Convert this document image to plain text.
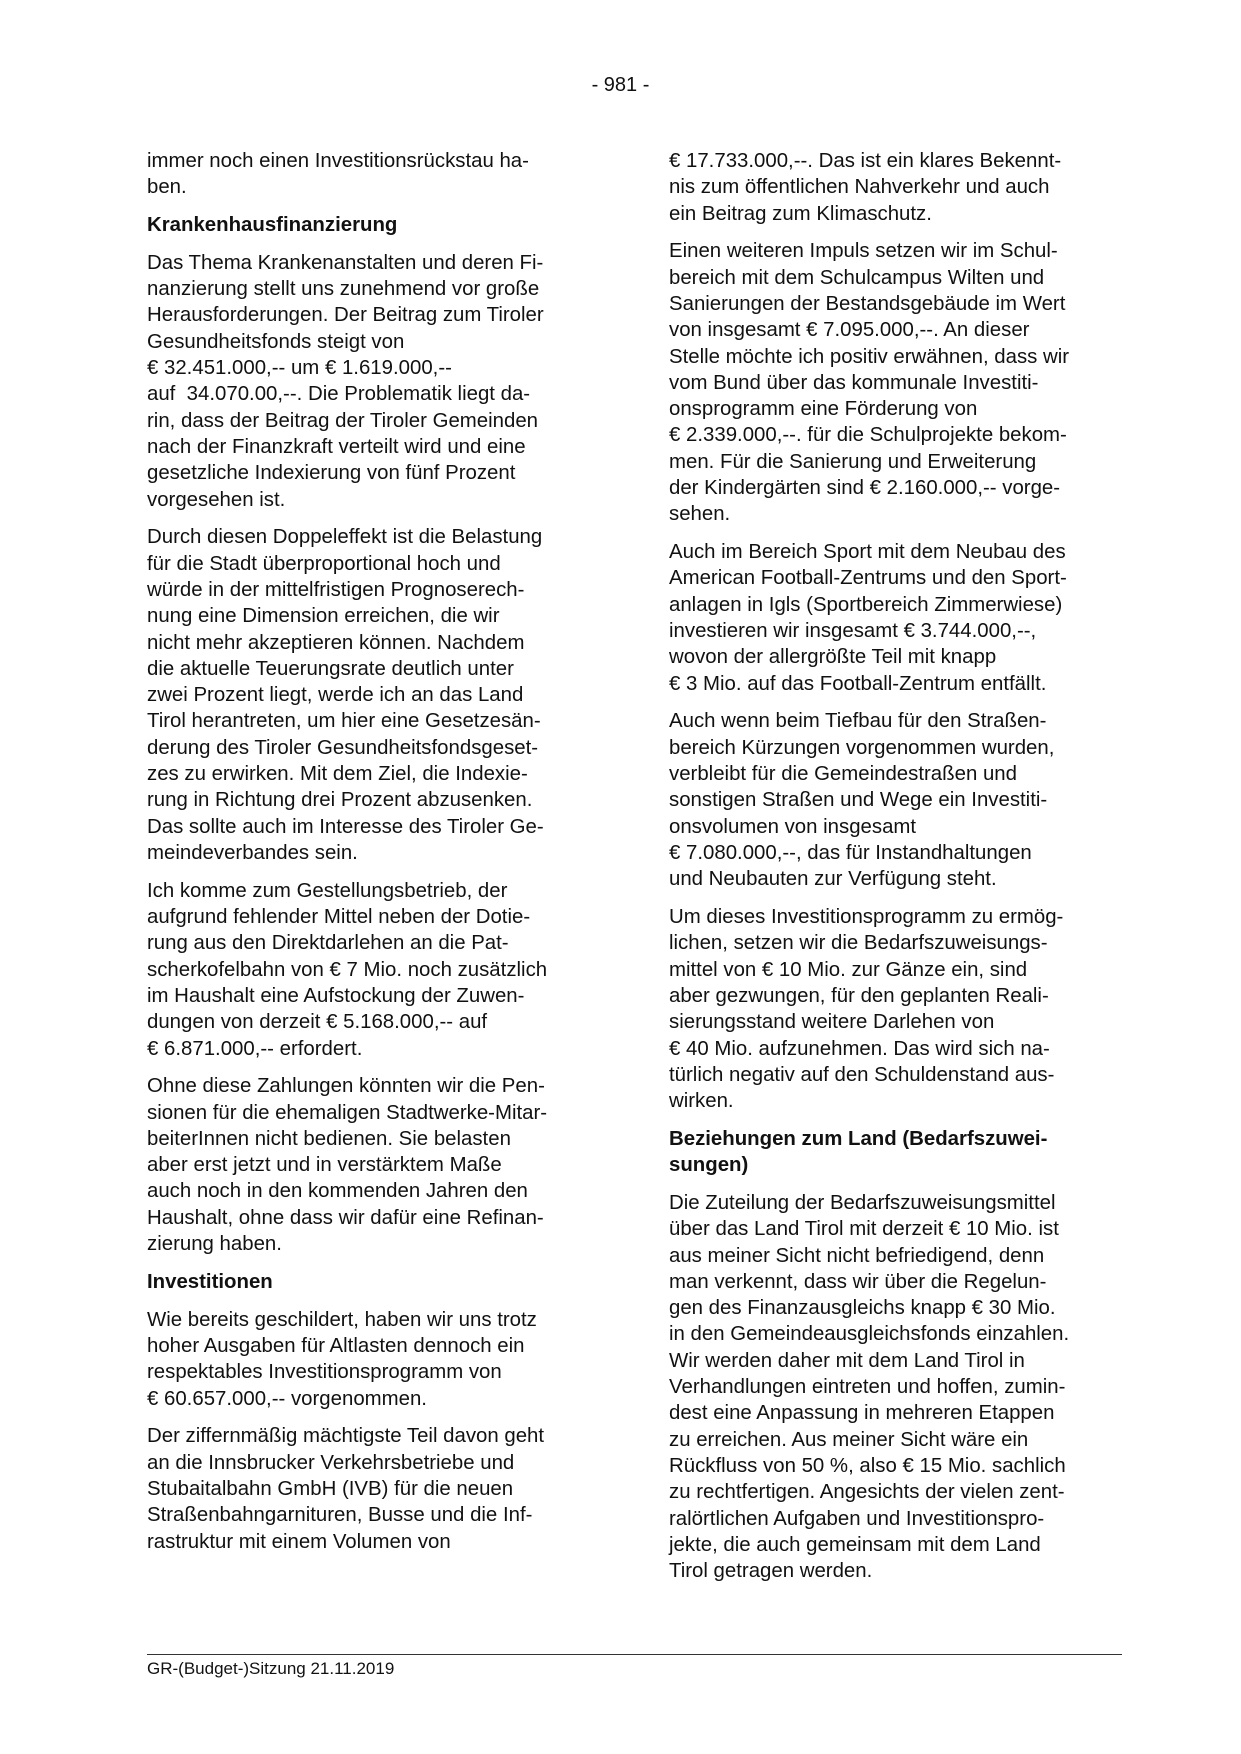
- 981 -
immer noch einen Investitionsrückstau ha-
ben.
Krankenhausfinanzierung
Das Thema Krankenanstalten und deren Fi-
nanzierung stellt uns zunehmend vor große
Herausforderungen. Der Beitrag zum Tiroler
Gesundheitsfonds steigt von
€ 32.451.000,-- um € 1.619.000,--
auf  34.070.00,--. Die Problematik liegt da-
rin, dass der Beitrag der Tiroler Gemeinden
nach der Finanzkraft verteilt wird und eine
gesetzliche Indexierung von fünf Prozent
vorgesehen ist.
Durch diesen Doppeleffekt ist die Belastung
für die Stadt überproportional hoch und
würde in der mittelfristigen Prognoserech-
nung eine Dimension erreichen, die wir
nicht mehr akzeptieren können. Nachdem
die aktuelle Teuerungsrate deutlich unter
zwei Prozent liegt, werde ich an das Land
Tirol herantreten, um hier eine Gesetzesän-
derung des Tiroler Gesundheitsfondsgeset-
zes zu erwirken. Mit dem Ziel, die Indexie-
rung in Richtung drei Prozent abzusenken.
Das sollte auch im Interesse des Tiroler Ge-
meindeverbandes sein.
Ich komme zum Gestellungsbetrieb, der
aufgrund fehlender Mittel neben der Dotie-
rung aus den Direktdarlehen an die Pat-
scherkofelbahn von € 7 Mio. noch zusätzlich
im Haushalt eine Aufstockung der Zuwen-
dungen von derzeit € 5.168.000,-- auf
€ 6.871.000,-- erfordert.
Ohne diese Zahlungen könnten wir die Pen-
sionen für die ehemaligen Stadtwerke-Mitar-
beiterInnen nicht bedienen. Sie belasten
aber erst jetzt und in verstärktem Maße
auch noch in den kommenden Jahren den
Haushalt, ohne dass wir dafür eine Refinan-
zierung haben.
Investitionen
Wie bereits geschildert, haben wir uns trotz
hoher Ausgaben für Altlasten dennoch ein
respektables Investitionsprogramm von
€ 60.657.000,-- vorgenommen.
Der ziffernmäßig mächtigste Teil davon geht
an die Innsbrucker Verkehrsbetriebe und
Stubaitalbahn GmbH (IVB) für die neuen
Straßenbahngarnituren, Busse und die Inf-
rastruktur mit einem Volumen von
€ 17.733.000,--. Das ist ein klares Bekennt-
nis zum öffentlichen Nahverkehr und auch
ein Beitrag zum Klimaschutz.
Einen weiteren Impuls setzen wir im Schul-
bereich mit dem Schulcampus Wilten und
Sanierungen der Bestandsgebäude im Wert
von insgesamt € 7.095.000,--. An dieser
Stelle möchte ich positiv erwähnen, dass wir
vom Bund über das kommunale Investiti-
onsprogramm eine Förderung von
€ 2.339.000,--. für die Schulprojekte bekom-
men. Für die Sanierung und Erweiterung
der Kindergärten sind € 2.160.000,-- vorge-
sehen.
Auch im Bereich Sport mit dem Neubau des
American Football-Zentrums und den Sport-
anlagen in Igls (Sportbereich Zimmerwiese)
investieren wir insgesamt € 3.744.000,--,
wovon der allergrößte Teil mit knapp
€ 3 Mio. auf das Football-Zentrum entfällt.
Auch wenn beim Tiefbau für den Straßen-
bereich Kürzungen vorgenommen wurden,
verbleibt für die Gemeindestraßen und
sonstigen Straßen und Wege ein Investiti-
onsvolumen von insgesamt
€ 7.080.000,--, das für Instandhaltungen
und Neubauten zur Verfügung steht.
Um dieses Investitionsprogramm zu ermög-
lichen, setzen wir die Bedarfszuweisungs-
mittel von € 10 Mio. zur Gänze ein, sind
aber gezwungen, für den geplanten Reali-
sierungsstand weitere Darlehen von
€ 40 Mio. aufzunehmen. Das wird sich na-
türlich negativ auf den Schuldenstand aus-
wirken.
Beziehungen zum Land (Bedarfszuwei-
sungen)
Die Zuteilung der Bedarfszuweisungsmittel
über das Land Tirol mit derzeit € 10 Mio. ist
aus meiner Sicht nicht befriedigend, denn
man verkennt, dass wir über die Regelun-
gen des Finanzausgleichs knapp € 30 Mio.
in den Gemeindeausgleichsfonds einzahlen.
Wir werden daher mit dem Land Tirol in
Verhandlungen eintreten und hoffen, zumin-
dest eine Anpassung in mehreren Etappen
zu erreichen. Aus meiner Sicht wäre ein
Rückfluss von 50 %, also € 15 Mio. sachlich
zu rechtfertigen. Angesichts der vielen zent-
ralörtlichen Aufgaben und Investitionspro-
jekte, die auch gemeinsam mit dem Land
Tirol getragen werden.
GR-(Budget-)Sitzung 21.11.2019
